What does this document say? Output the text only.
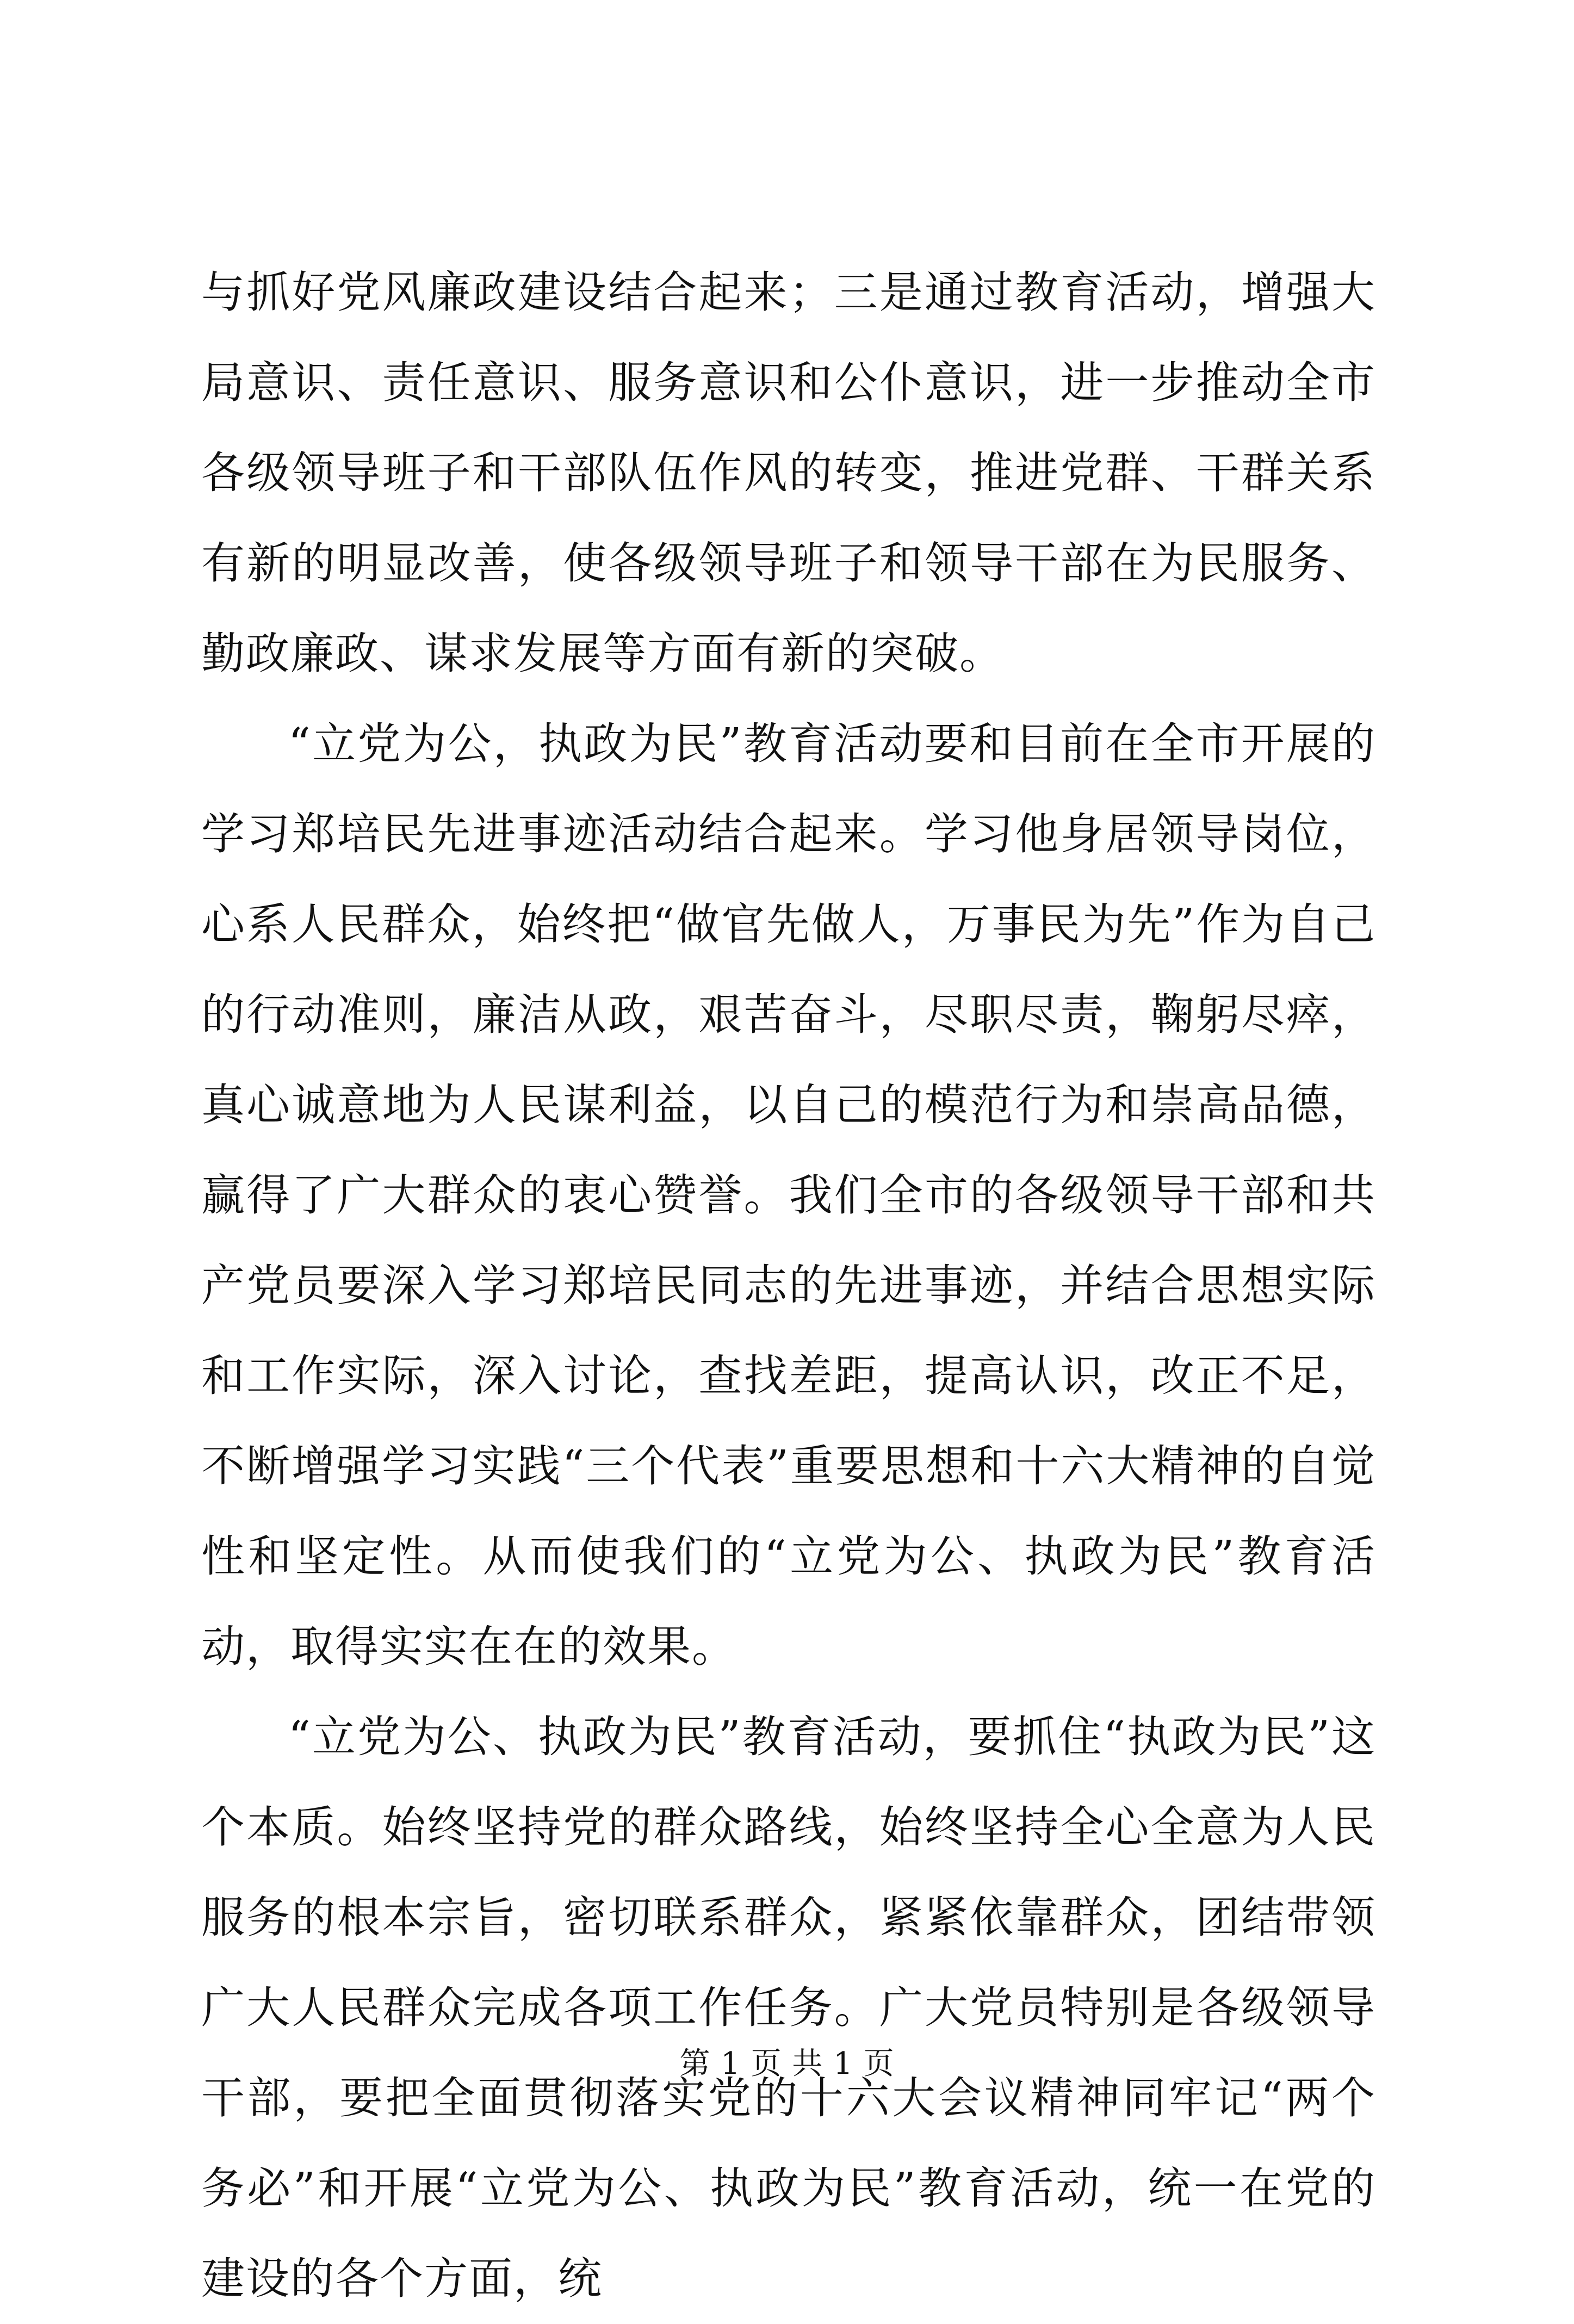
与抓好党风廉政建设结合起来；三是通过教育活动，增强大局意识、责任意识、服务意识和公仆意识，进一步推动全市各级领导班子和干部队伍作风的转变，推进党群、干群关系有新的明显改善，使各级领导班子和领导干部在为民服务、勤政廉政、谋求发展等方面有新的突破。

“立党为公，执政为民”教育活动要和目前在全市开展的学习郑培民先进事迹活动结合起来。学习他身居领导岗位，心系人民群众，始终把“做官先做人，万事民为先”作为自己的行动准则，廉洁从政，艰苦奋斗，尽职尽责，鞠躬尽瘁，真心诚意地为人民谋利益，以自己的模范行为和崇高品德，赢得了广大群众的衷心赞誉。我们全市的各级领导干部和共产党员要深入学习郑培民同志的先进事迹，并结合思想实际和工作实际，深入讨论，查找差距，提高认识，改正不足，不断增强学习实践“三个代表”重要思想和十六大精神的自觉性和坚定性。从而使我们的“立党为公、执政为民”教育活动，取得实实在在的效果。

“立党为公、执政为民”教育活动，要抓住“执政为民”这个本质。始终坚持党的群众路线，始终坚持全心全意为人民服务的根本宗旨，密切联系群众，紧紧依靠群众，团结带领广大人民群众完成各项工作任务。广大党员特别是各级领导干部，要把全面贯彻落实党的十六大会议精神同牢记“两个务必”和开展“立党为公、执政为民”教育活动，统一在党的建设的各个方面，统

第 1 页 共 1 页
